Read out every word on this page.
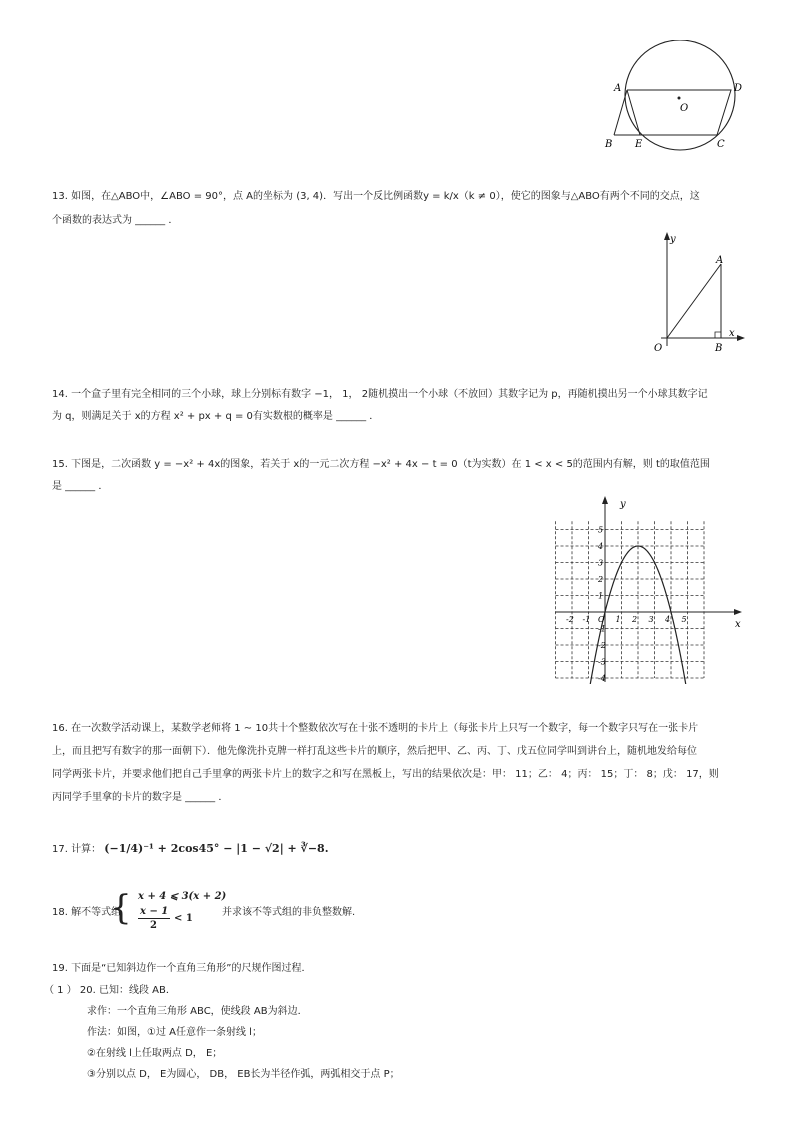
A	D
O
B E	C
13. 如图，在△ABO中，∠ABO = 90°，点 A的坐标为 (3, 4)．写出一个反比例函数y = k/x（k ≠ 0），使它的图象与△ABO有两个不同的交点，这
个函数的表达式为 ______ ．
y
A
O	B
x
14. 一个盒子里有完全相同的三个小球，球上分别标有数字 −1， 1， 2随机摸出一个小球（不放回）其数字记为 p，再随机摸出另一个小球其数字记
为 q，则满足关于 x的方程 x² + px + q = 0有实数根的概率是 ______ ．
15. 下图是，二次函数 y = −x² + 4x的图象，若关于 x的一元二次方程 −x² + 4x − t = 0（t为实数）在 1 < x < 5的范围内有解，则 t的取值范围
是 ______ ．
-2 -1	1 2 3 4 5
5
4
3
2
1
-1
-2
-3
-4
O	x
y
16. 在一次数学活动课上，某数学老师将 1 ∼ 10共十个整数依次写在十张不透明的卡片上（每张卡片上只写一个数字，每一个数字只写在一张卡片
上，而且把写有数字的那一面朝下）．他先像洗扑克牌一样打乱这些卡片的顺序，然后把甲、乙、丙、丁、戊五位同学叫到讲台上，随机地发给每位
同学两张卡片，并要求他们把自己手里拿的两张卡片上的数字之和写在黑板上，写出的结果依次是：甲： 11；乙： 4；丙： 15；丁： 8；戊： 17，则
丙同学手里拿的卡片的数字是 ______ ．
17. 计算： (−1/4)⁻¹ + 2cos45° − |1 − √2| + ∛−8.
18. 解不等式组
{ x + 4 ⩽ 3(x + 2)
x − 1
2
< 1
并求该不等式组的非负整数解.
19. 下面是“已知斜边作一个直角三角形”的尺规作图过程．
（ 1 ） 20. 已知：线段 AB．
求作：一个直角三角形 ABC，使线段 AB为斜边．
作法：如图，①过 A任意作一条射线 l；
②在射线 l上任取两点 D， E；
③分别以点 D， E为圆心， DB， EB长为半径作弧，两弧相交于点 P；
